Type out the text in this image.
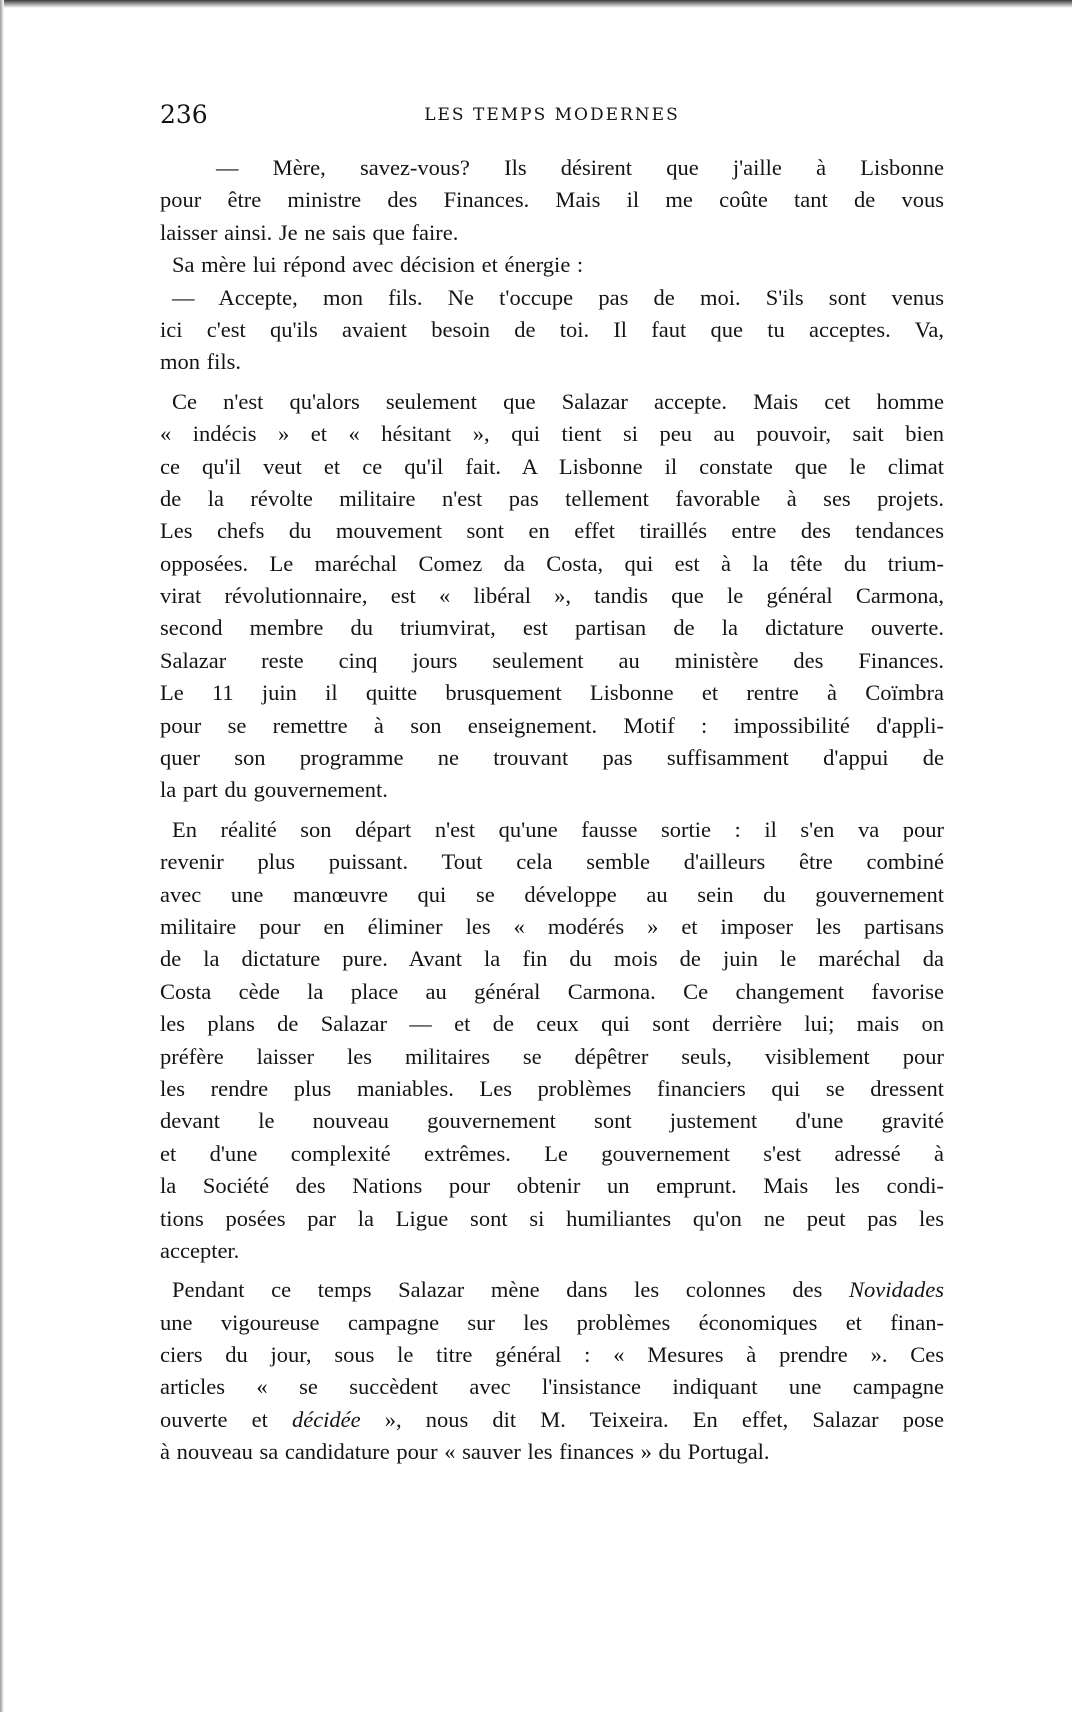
236	LES TEMPS MODERNES
— Mère, savez-vous? Ils désirent que j'aille à Lisbonne
pour être ministre des Finances. Mais il me coûte tant de vous
laisser ainsi. Je ne sais que faire.
Sa mère lui répond avec décision et énergie :
— Accepte, mon fils. Ne t'occupe pas de moi. S'ils sont venus
ici c'est qu'ils avaient besoin de toi. Il faut que tu acceptes. Va,
mon fils.
Ce n'est qu'alors seulement que Salazar accepte. Mais cet homme
« indécis » et « hésitant », qui tient si peu au pouvoir, sait bien
ce qu'il veut et ce qu'il fait. A Lisbonne il constate que le climat
de la révolte militaire n'est pas tellement favorable à ses projets.
Les chefs du mouvement sont en effet tiraillés entre des tendances
opposées. Le maréchal Comez da Costa, qui est à la tête du trium-
virat révolutionnaire, est « libéral », tandis que le général Carmona,
second membre du triumvirat, est partisan de la dictature ouverte.
Salazar reste cinq jours seulement au ministère des Finances.
Le 11 juin il quitte brusquement Lisbonne et rentre à Coïmbra
pour se remettre à son enseignement. Motif : impossibilité d'appli-
quer son programme ne trouvant pas suffisamment d'appui de
la part du gouvernement.
En réalité son départ n'est qu'une fausse sortie : il s'en va pour
revenir plus puissant. Tout cela semble d'ailleurs être combiné
avec une manœuvre qui se développe au sein du gouvernement
militaire pour en éliminer les « modérés » et imposer les partisans
de la dictature pure. Avant la fin du mois de juin le maréchal da
Costa cède la place au général Carmona. Ce changement favorise
les plans de Salazar — et de ceux qui sont derrière lui; mais on
préfère laisser les militaires se dépêtrer seuls, visiblement pour
les rendre plus maniables. Les problèmes financiers qui se dressent
devant le nouveau gouvernement sont justement d'une gravité
et d'une complexité extrêmes. Le gouvernement s'est adressé à
la Société des Nations pour obtenir un emprunt. Mais les condi-
tions posées par la Ligue sont si humiliantes qu'on ne peut pas les
accepter.
Pendant ce temps Salazar mène dans les colonnes des Novidades
une vigoureuse campagne sur les problèmes économiques et finan-
ciers du jour, sous le titre général : « Mesures à prendre ». Ces
articles « se succèdent avec l'insistance indiquant une campagne
ouverte et décidée », nous dit M. Teixeira. En effet, Salazar pose
à nouveau sa candidature pour « sauver les finances » du Portugal.
